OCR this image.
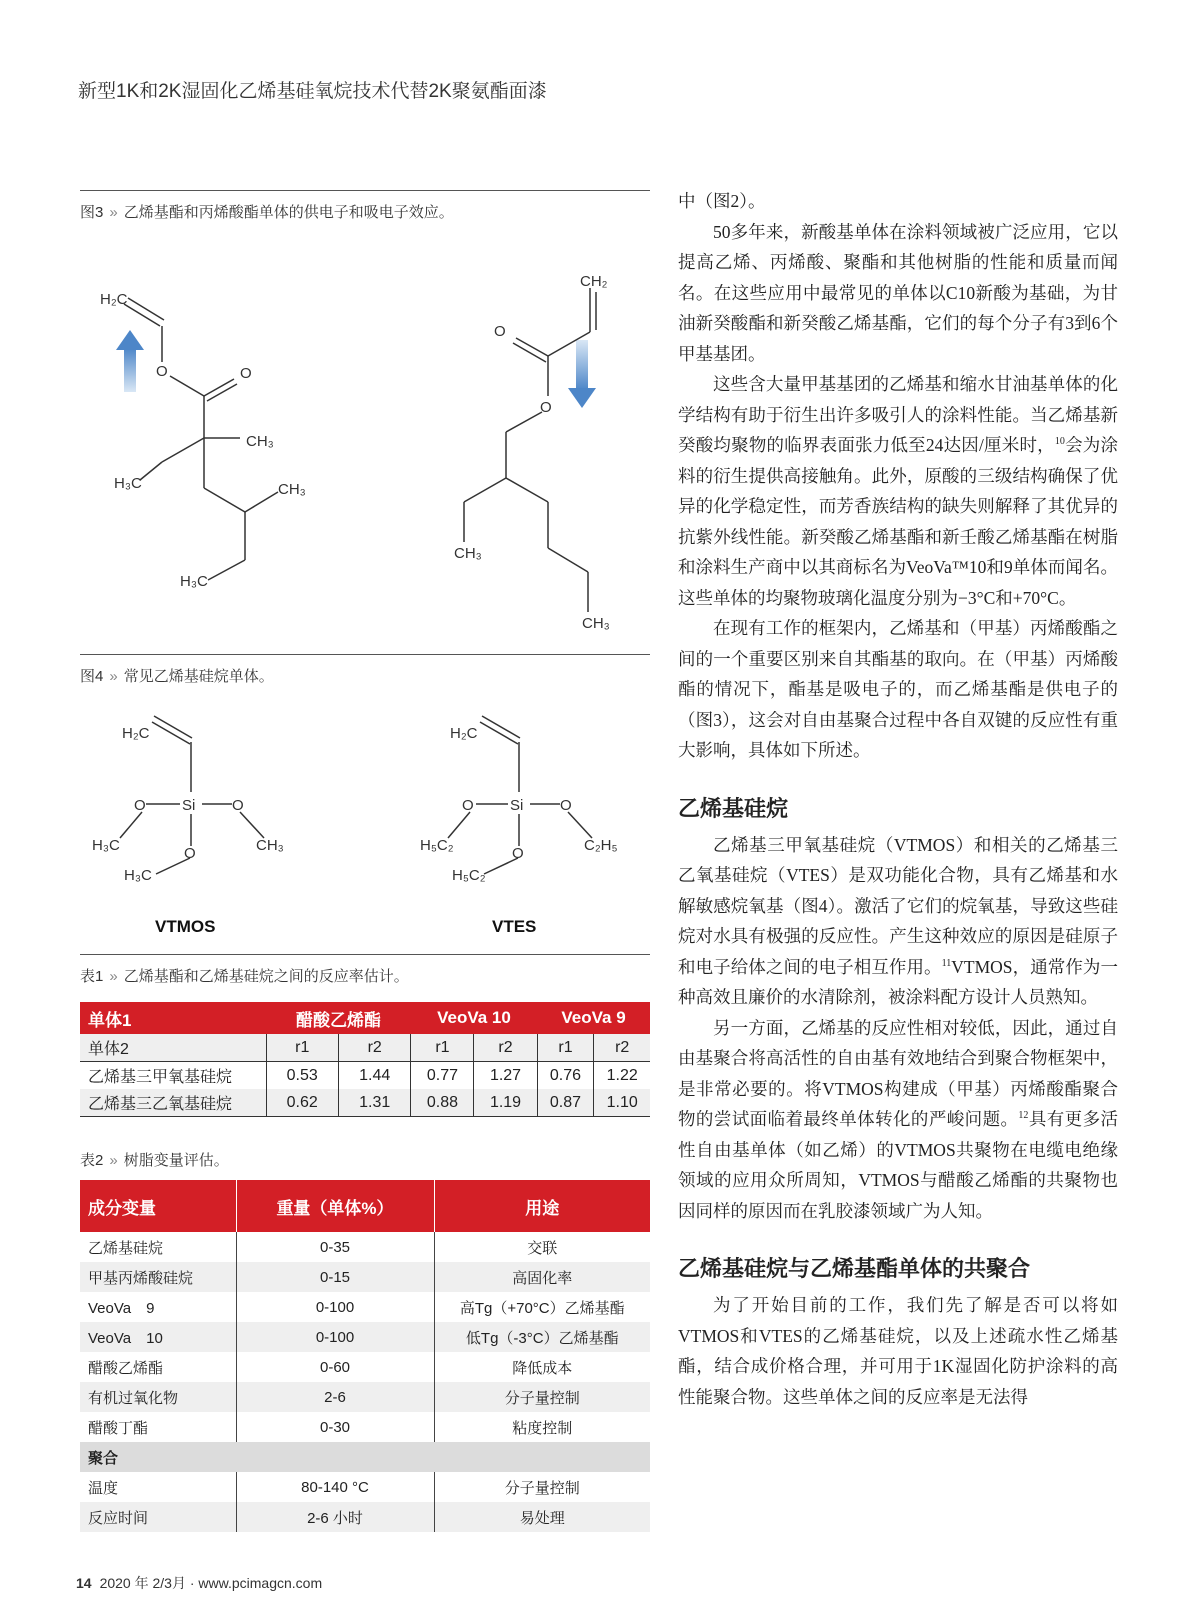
新型1K和2K湿固化乙烯基硅氧烷技术代替2K聚氨酯面漆
图3 » 乙烯基酯和丙烯酸酯单体的供电子和吸电子效应。
H₂C
O	O
CH₃
H₃C	CH₃
H₃C
CH₂
O
O
CH₃
CH₃
图4 » 常见乙烯基硅烷单体。
H₂C
O Si O
O
H₃C	CH₃
H₃C
VTMOS
H₂C
O Si O
O
H₅C₂	C₂H₅
H₅C₂
VTES
表1 » 乙烯基酯和乙烯基硅烷之间的反应率估计。
单体1	醋酸乙烯酯		VeoVa 10		VeoVa 9	
单体2	r1	r2	r1	r2	r1	r2
乙烯基三甲氧基硅烷	0.53	1.44	0.77	1.27	0.76	1.22
乙烯基三乙氧基硅烷	0.62	1.31	0.88	1.19	0.87	1.10
表2 » 树脂变量评估。
成分变量	重量（单体%）	用途
乙烯基硅烷	0-35	交联
甲基丙烯酸硅烷	0-15	高固化率
VeoVa　9	0-100	高Tg（+70°C）乙烯基酯
VeoVa　10	0-100	低Tg（-3°C）乙烯基酯
醋酸乙烯酯	0-60	降低成本
有机过氧化物	2-6	分子量控制
醋酸丁酯	0-30	粘度控制
聚合		
温度	80-140 °C	分子量控制
反应时间	2-6 小时	易处理

中（图2）。

50多年来，新酸基单体在涂料领域被广泛应用，它以提高乙烯、丙烯酸、聚酯和其他树脂的性能和质量而闻名。在这些应用中最常见的单体以C10新酸为基础，为甘油新癸酸酯和新癸酸乙烯基酯，它们的每个分子有3到6个甲基基团。

这些含大量甲基基团的乙烯基和缩水甘油基单体的化学结构有助于衍生出许多吸引人的涂料性能。当乙烯基新癸酸均聚物的临界表面张力低至24达因/厘米时，$^{10}$会为涂料的衍生提供高接触角。此外，原酸的三级结构确保了优异的化学稳定性，而芳香族结构的缺失则解释了其优异的抗紫外线性能。新癸酸乙烯基酯和新壬酸乙烯基酯在树脂和涂料生产商中以其商标名为VeoVa™10和9单体而闻名。这些单体的均聚物玻璃化温度分别为−3°C和+70°C。

在现有工作的框架内，乙烯基和（甲基）丙烯酸酯之间的一个重要区别来自其酯基的取向。在（甲基）丙烯酸酯的情况下，酯基是吸电子的，而乙烯基酯是供电子的（图3），这会对自由基聚合过程中各自双键的反应性有重大影响，具体如下所述。

乙烯基硅烷

乙烯基三甲氧基硅烷（VTMOS）和相关的乙烯基三乙氧基硅烷（VTES）是双功能化合物，具有乙烯基和水解敏感烷氧基（图4）。激活了它们的烷氧基，导致这些硅烷对水具有极强的反应性。产生这种效应的原因是硅原子和电子给体之间的电子相互作用。$^{11}$VTMOS，通常作为一种高效且廉价的水清除剂，被涂料配方设计人员熟知。

另一方面，乙烯基的反应性相对较低，因此，通过自由基聚合将高活性的自由基有效地结合到聚合物框架中，是非常必要的。将VTMOS构建成（甲基）丙烯酸酯聚合物的尝试面临着最终单体转化的严峻问题。$^{12}$具有更多活性自由基单体（如乙烯）的VTMOS共聚物在电缆电绝缘领域的应用众所周知，VTMOS与醋酸乙烯酯的共聚物也因同样的原因而在乳胶漆领域广为人知。

乙烯基硅烷与乙烯基酯单体的共聚合

为了开始目前的工作，我们先了解是否可以将如VTMOS和VTES的乙烯基硅烷，以及上述疏水性乙烯基酯，结合成价格合理，并可用于1K湿固化防护涂料的高性能聚合物。这些单体之间的反应率是无法得

14 2020 年 2/3月 · www.pcimagcn.com
